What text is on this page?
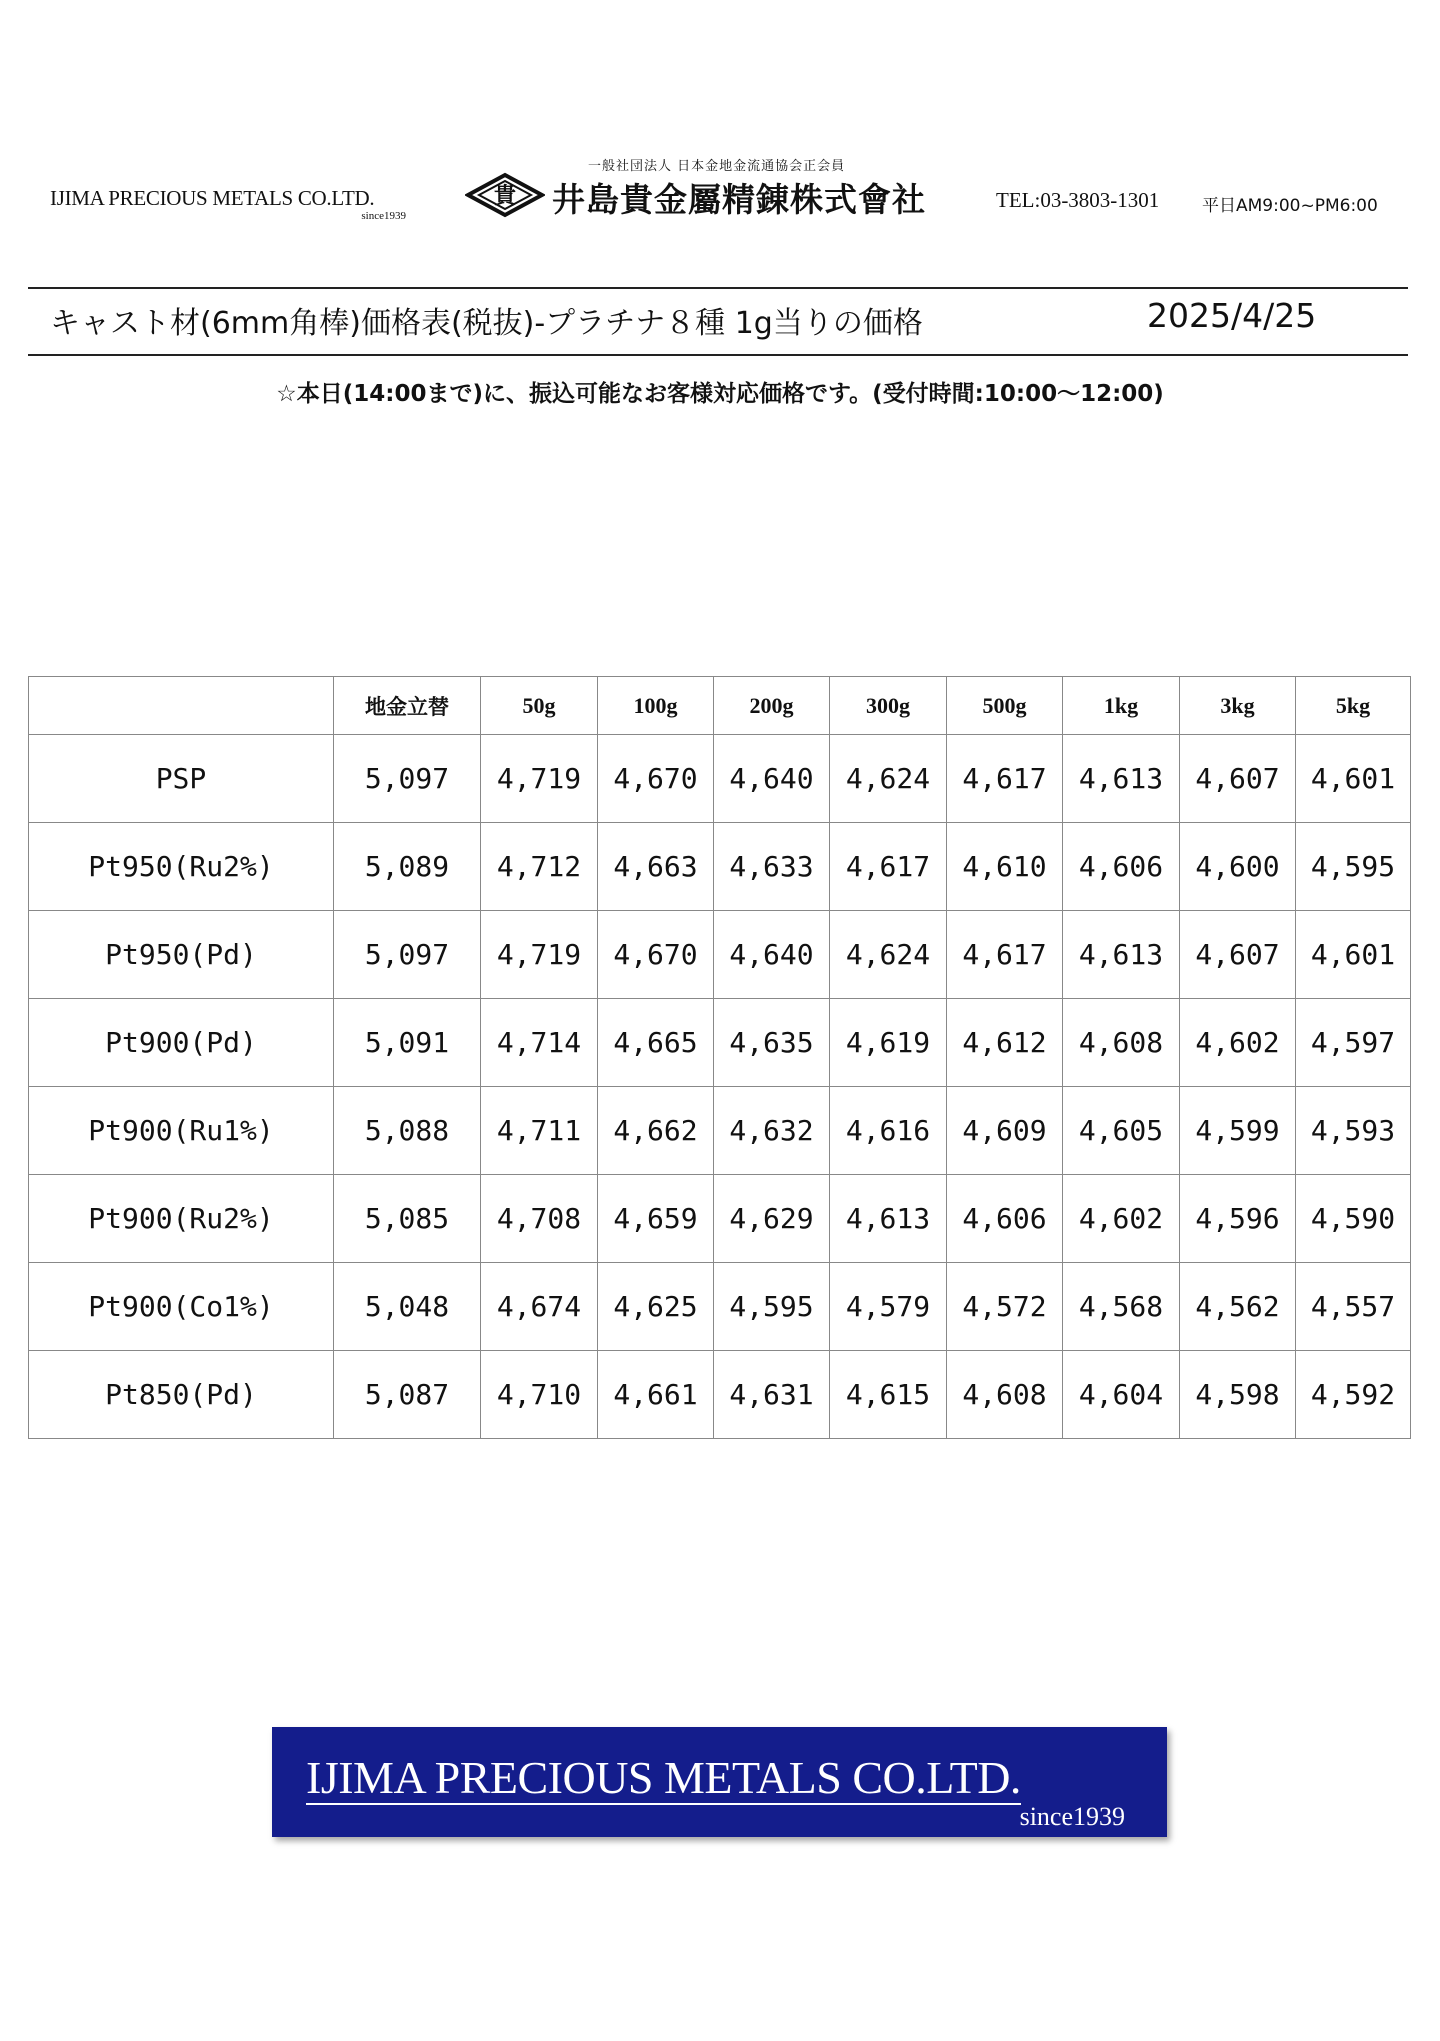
IJIMA PRECIOUS METALS CO.LTD.
since1939
一般社団法人 日本金地金流通協会正会員
貴 井島貴金屬精錬株式會社	TEL:03-3803-1301	平日AM9:00~PM6:00
キャスト材(6mm角棒)価格表(税抜)-プラチナ８種 1g当りの価格	2025/4/25
☆本日(14:00まで)に、振込可能なお客様対応価格です。(受付時間:10:00～12:00)
	地金立替	50g	100g	200g	300g	500g	1kg	3kg	5kg
PSP	5,097	4,719	4,670	4,640	4,624	4,617	4,613	4,607	4,601
Pt950(Ru2%)	5,089	4,712	4,663	4,633	4,617	4,610	4,606	4,600	4,595
Pt950(Pd)	5,097	4,719	4,670	4,640	4,624	4,617	4,613	4,607	4,601
Pt900(Pd)	5,091	4,714	4,665	4,635	4,619	4,612	4,608	4,602	4,597
Pt900(Ru1%)	5,088	4,711	4,662	4,632	4,616	4,609	4,605	4,599	4,593
Pt900(Ru2%)	5,085	4,708	4,659	4,629	4,613	4,606	4,602	4,596	4,590
Pt900(Co1%)	5,048	4,674	4,625	4,595	4,579	4,572	4,568	4,562	4,557
Pt850(Pd)	5,087	4,710	4,661	4,631	4,615	4,608	4,604	4,598	4,592
IJIMA PRECIOUS METALS CO.LTD.
since1939
